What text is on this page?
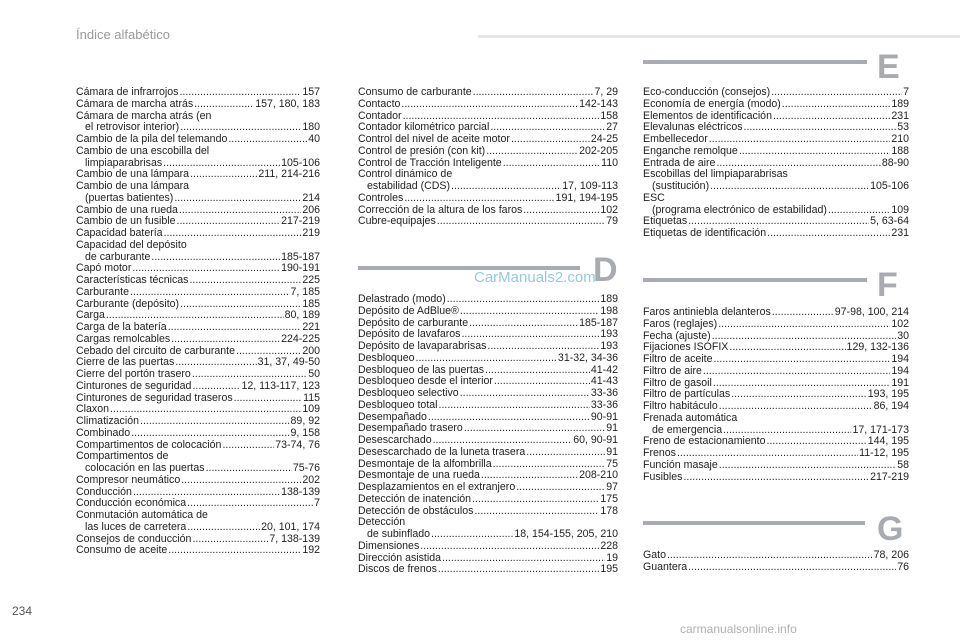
Índice alfabético
Cámara de infrarrojos .....	157
Cámara de marcha atrás .....	157, 180, 183
Cámara de marcha atrás (en
el retrovisor interior) .....	180
Cambio de la pila del telemando .....	40
Cambio de una escobilla del
limpiaparabrisas .....	105-106
Cambio de una lámpara .....	211, 214-216
Cambio de una lámpara
(puertas batientes) .....	214
Cambio de una rueda .....	206
Cambio de un fusible .....	217-219
Capacidad batería .....	219
Capacidad del depósito
de carburante .....	185-187
Capó motor .....	190-191
Características técnicas .....	225
Carburante .....	7, 185
Carburante (depósito) .....	185
Carga .....	80, 189
Carga de la batería .....	221
Cargas remolcables .....	224-225
Cebado del circuito de carburante .....	200
Cierre de las puertas .....	31, 37, 49-50
Cierre del portón trasero .....	50
Cinturones de seguridad .....	12, 113-117, 123
Cinturones de seguridad traseros .....	115
Claxon .....	109
Climatización .....	89, 92
Combinado .....	9, 158
Compartimentos de colocación .....	73-74, 76
Compartimentos de
colocación en las puertas .....	75-76
Compresor neumático .....	202
Conducción .....	138-139
Conducción económica .....	7
Conmutación automática de
las luces de carretera .....	20, 101, 174
Consejos de conducción .....	7, 138-139
Consumo de aceite .....	192
Consumo de carburante .....	7, 29
Contacto .....	142-143
Contador .....	158
Contador kilométrico parcial .....	27
Control del nivel de aceite motor .....	24-25
Control de presión (con kit) .....	202-205
Control de Tracción Inteligente .....	110
Control dinámico de
estabilidad (CDS) .....	17, 109-113
Controles .....	191, 194-195
Corrección de la altura de los faros .....	102
Cubre-equipajes .....	79
D
Delastrado (modo) .....	189
Depósito de AdBlue® .....	198
Depósito de carburante .....	185-187
Depósito de lavafaros .....	193
Depósito de lavaparabrisas .....	193
Desbloqueo .....	31-32, 34-36
Desbloqueo de las puertas .....	41-42
Desbloqueo desde el interior .....	41-43
Desbloqueo selectivo .....	33-36
Desbloqueo total .....	33-36
Desempañado .....	90-91
Desempañado trasero .....	91
Desescarchado .....	60, 90-91
Desescarchado de la luneta trasera .....	91
Desmontaje de la alfombrilla .....	75
Desmontaje de una rueda .....	208-210
Desplazamientos en el extranjero .....	97
Detección de inatención .....	175
Detección de obstáculos .....	178
Detección
de subinflado .....	18, 154-155, 205, 210
Dimensiones .....	228
Dirección asistida .....	19
Discos de frenos .....	195
E
Eco-conducción (consejos) .....	7
Economía de energía (modo) .....	189
Elementos de identificación .....	231
Elevalunas eléctricos .....	53
Embellecedor .....	210
Enganche remolque .....	188
Entrada de aire .....	88-90
Escobillas del limpiaparabrisas
(sustitución) .....	105-106
ESC
(programa electrónico de estabilidad) .....	109
Etiquetas .....	5, 63-64
Etiquetas de identificación .....	231
F
Faros antiniebla delanteros .....	97-98, 100, 214
Faros (reglajes) .....	102
Fecha (ajuste) .....	30
Fijaciones ISOFIX .....	129, 132-136
Filtro de aceite .....	194
Filtro de aire .....	194
Filtro de gasoil .....	191
Filtro de partículas .....	193, 195
Filtro habitáculo .....	86, 194
Frenada automática
de emergencia .....	17, 171-173
Freno de estacionamiento .....	144, 195
Frenos .....	11-12, 195
Función masaje .....	58
Fusibles .....	217-219
G
Gato .....	78, 206
Guantera .....	76
CarManuals2.com
234
carmanualsonline.info
